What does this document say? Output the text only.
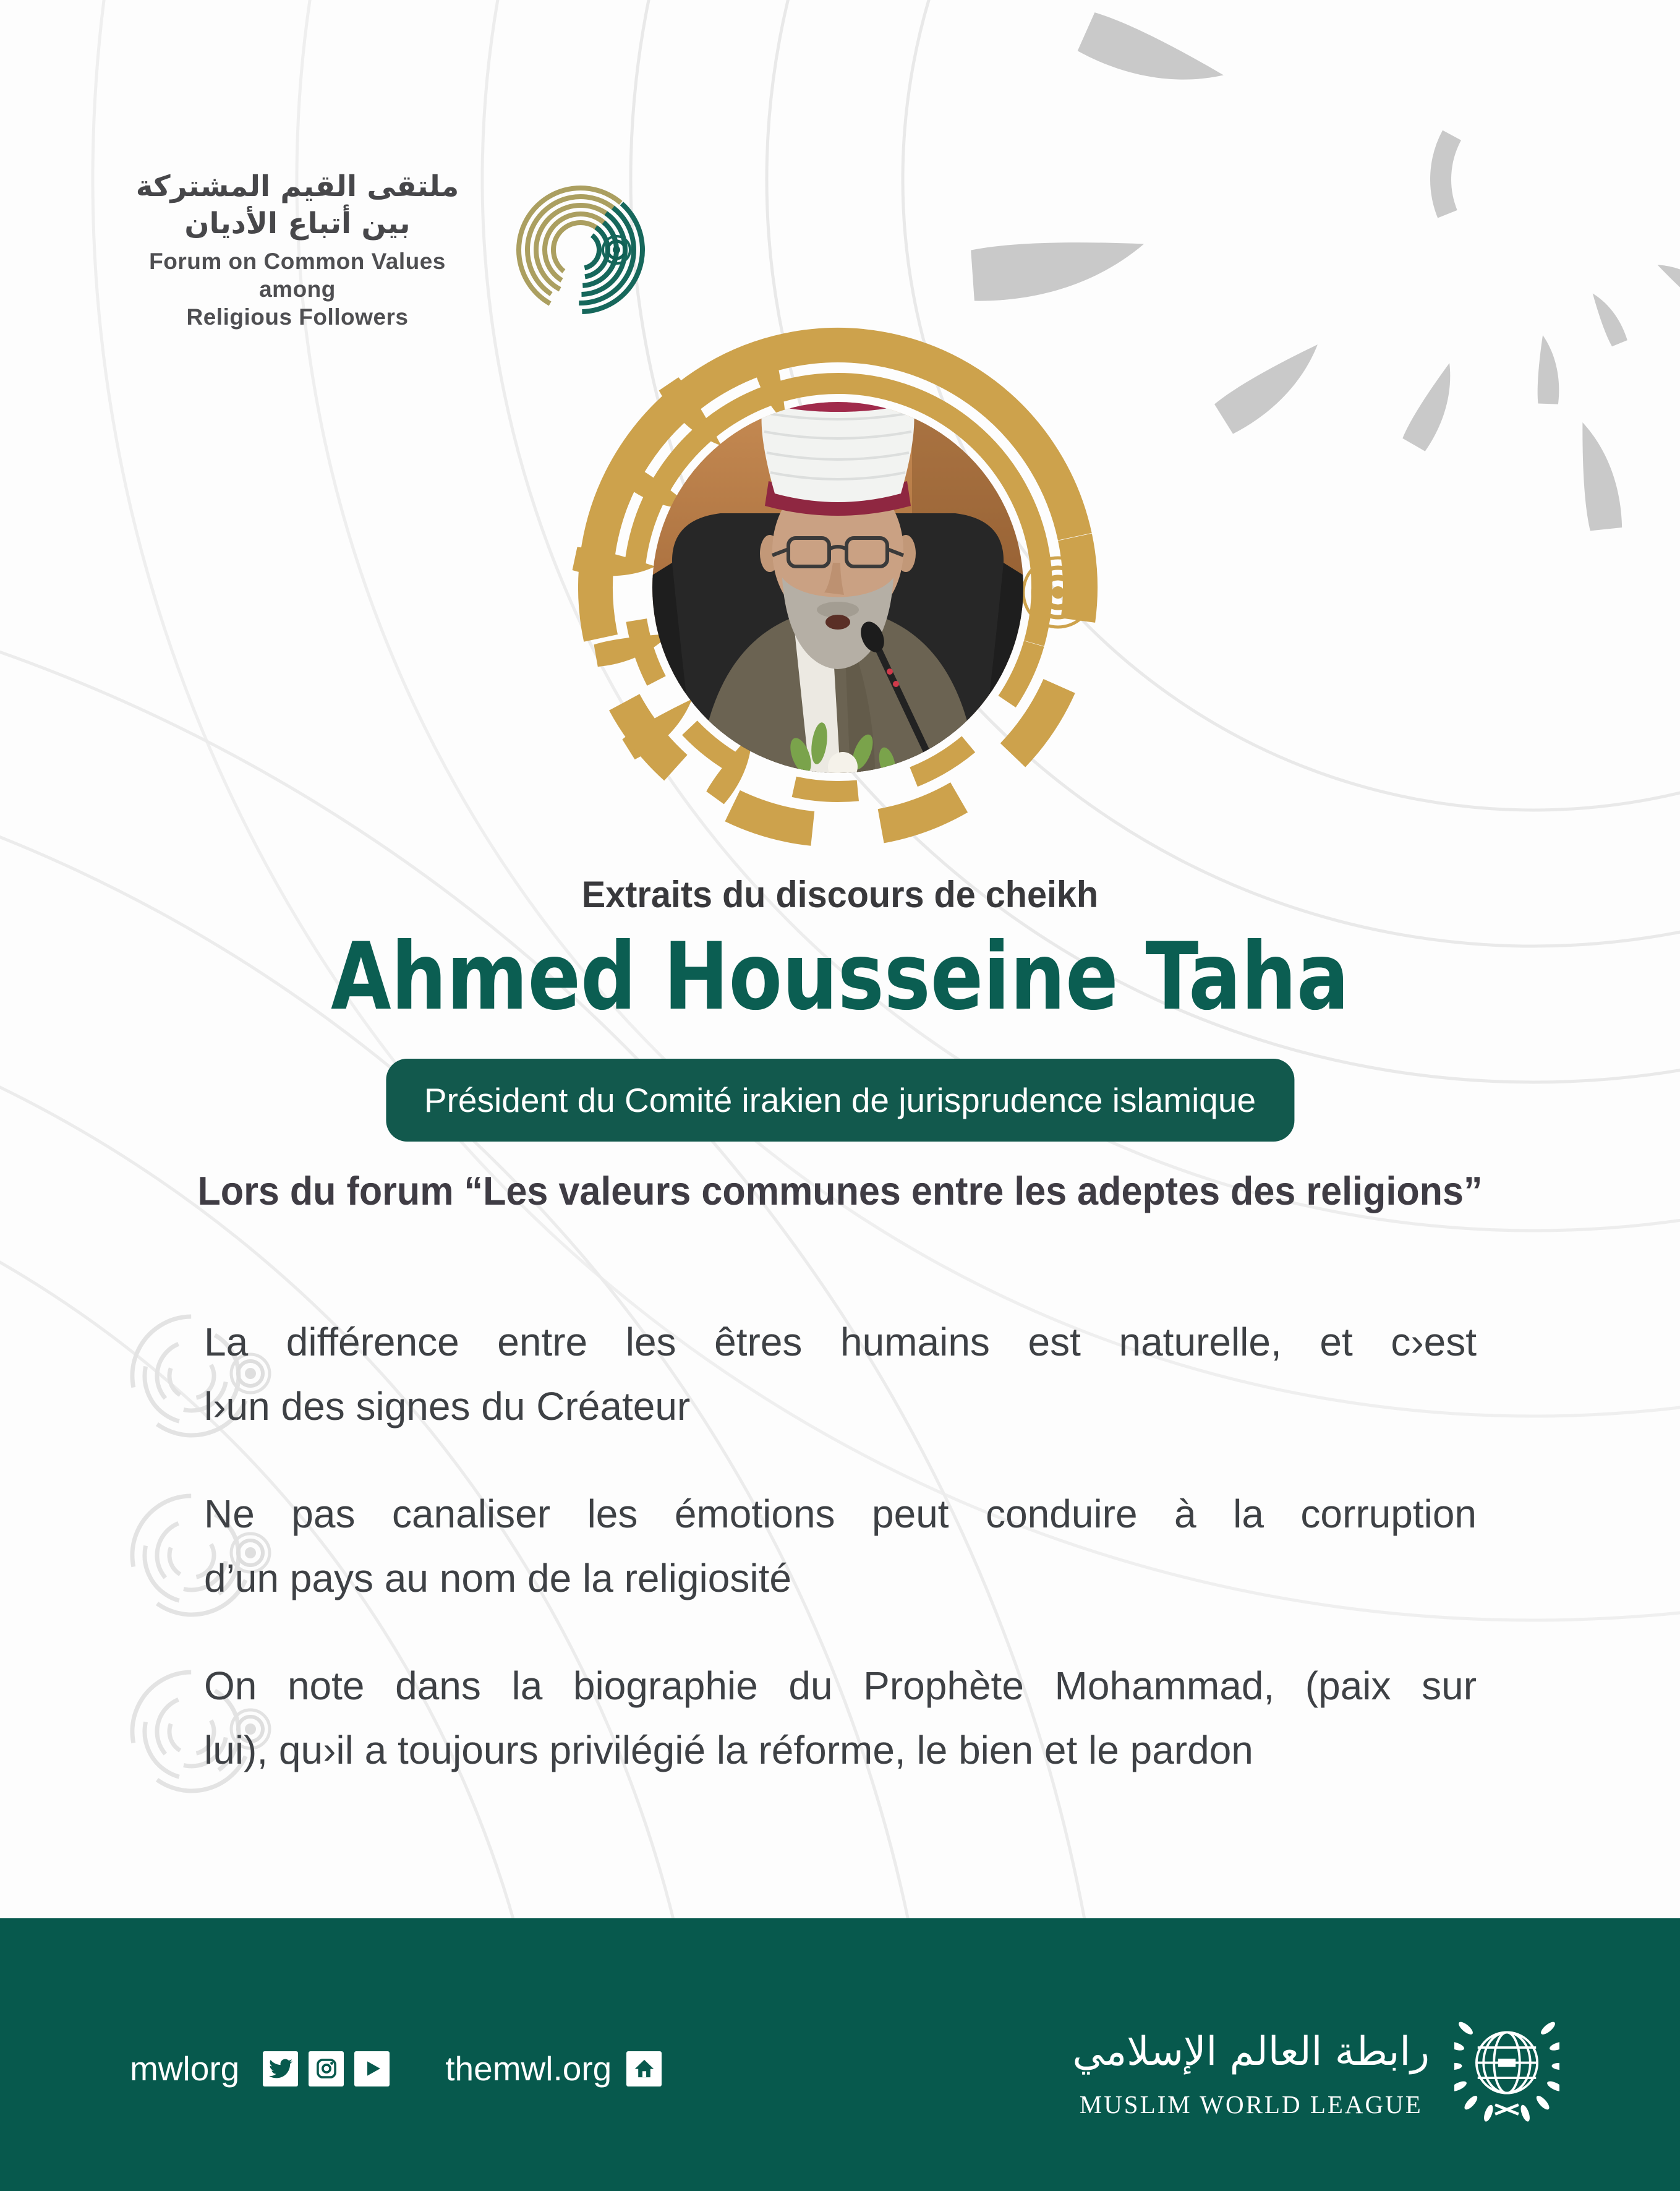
ملتقى القيم المشتركة بين أتباع الأديان
Forum on Common Values among
Religious Followers
Extraits du discours de cheikh
Ahmed Housseine Taha
Président du Comité irakien de jurisprudence islamique
Lors du forum “Les valeurs communes entre les adeptes des religions”
La différence entre les êtres humains est naturelle, et c›est
l›un des signes du Créateur
Ne pas canaliser les émotions peut conduire à la corruption
d’un pays au nom de la religiosité
On note dans la biographie du Prophète Mohammad, (paix sur
lui), qu›il a toujours privilégié la réforme, le bien et le pardon
mwlorg	themwl.org	رابطة العالم الإسلامي
MUSLIM WORLD LEAGUE
